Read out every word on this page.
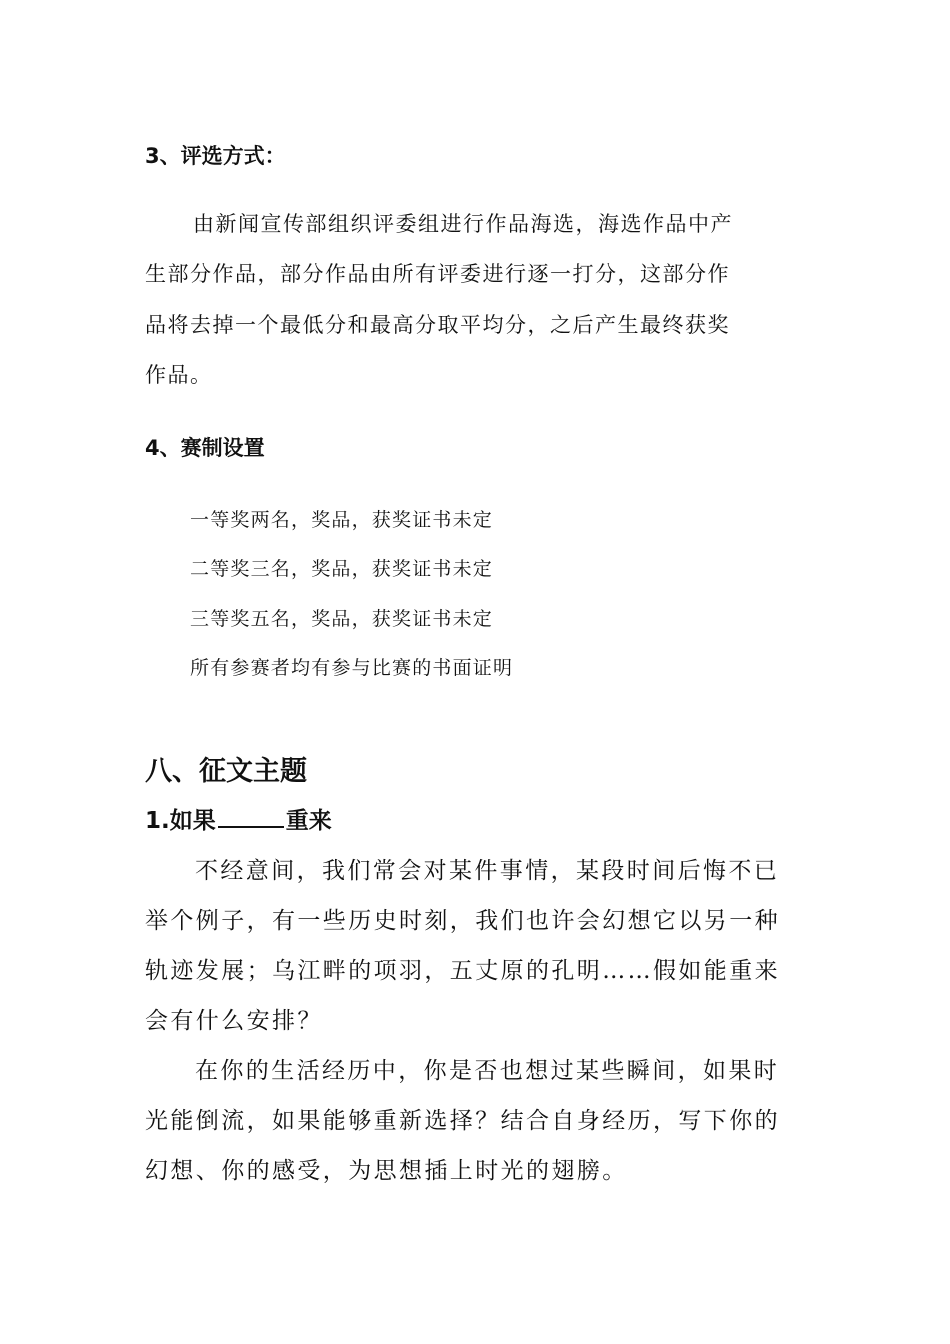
3、评选方式：

由新闻宣传部组织评委组进行作品海选，海选作品中产

生部分作品，部分作品由所有评委进行逐一打分，这部分作

品将去掉一个最低分和最高分取平均分，之后产生最终获奖

作品。

4、赛制设置

一等奖两名，奖品，获奖证书未定

二等奖三名，奖品，获奖证书未定

三等奖五名，奖品，获奖证书未定

所有参赛者均有参与比赛的书面证明

八、征文主题

1.如果	重来

不经意间，我们常会对某件事情，某段时间后悔不已

举个例子，有一些历史时刻，我们也许会幻想它以另一种

轨迹发展；乌江畔的项羽，五丈原的孔明……假如能重来

会有什么安排？

在你的生活经历中，你是否也想过某些瞬间，如果时

光能倒流，如果能够重新选择？结合自身经历，写下你的

幻想、你的感受，为思想插上时光的翅膀。
